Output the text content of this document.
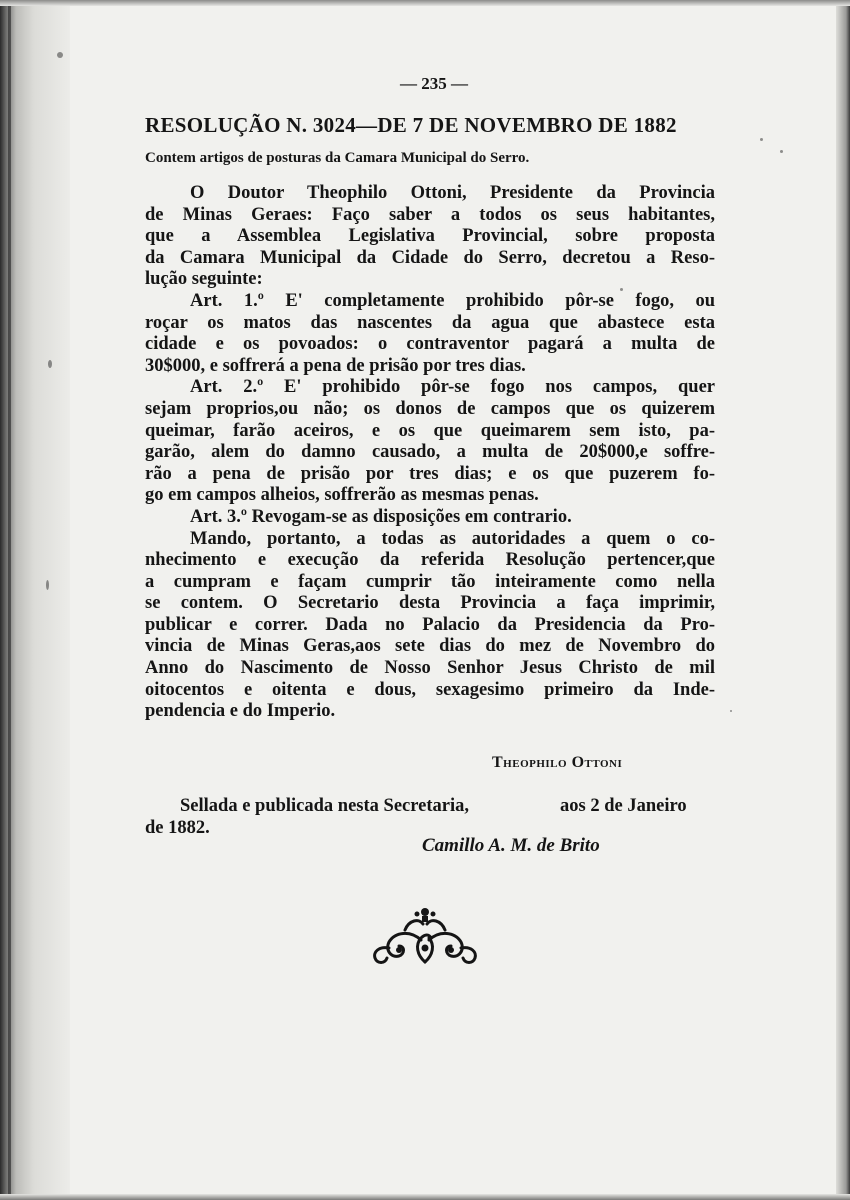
— 235 —
RESOLUÇÃO N. 3024—DE 7 DE NOVEMBRO DE 1882
Contem artigos de posturas da Camara Municipal do Serro.
O Doutor Theophilo Ottoni, Presidente da Provincia
de Minas Geraes: Faço saber a todos os seus habitantes,
que a Assemblea Legislativa Provincial, sobre proposta
da Camara Municipal da Cidade do Serro, decretou a Reso-
lução seguinte:
Art. 1.º E' completamente prohibido pôr-se fogo, ou
roçar os matos das nascentes da agua que abastece esta
cidade e os povoados: o contraventor pagará a multa de
30$000, e soffrerá a pena de prisão por tres dias.
Art. 2.º E' prohibido pôr-se fogo nos campos, quer
sejam proprios,ou não; os donos de campos que os quizerem
queimar, farão aceiros, e os que queimarem sem isto, pa-
garão, alem do damno causado, a multa de 20$000,e soffre-
rão a pena de prisão por tres dias; e os que puzerem fo-
go em campos alheios, soffrerão as mesmas penas.
Art. 3.º Revogam-se as disposições em contrario.
Mando, portanto, a todas as autoridades a quem o co-
nhecimento e execução da referida Resolução pertencer,que
a cumpram e façam cumprir tão inteiramente como nella
se contem. O Secretario desta Provincia a faça imprimir,
publicar e correr. Dada no Palacio da Presidencia da Pro-
vincia de Minas Geras,aos sete dias do mez de Novembro do
Anno do Nascimento de Nosso Senhor Jesus Christo de mil
oitocentos e oitenta e dous, sexagesimo primeiro da Inde-
pendencia e do Imperio.
Theophilo Ottoni
Sellada e publicada nesta Secretaria,	aos 2 de Janeiro
de 1882.
Camillo A. M. de Brito
